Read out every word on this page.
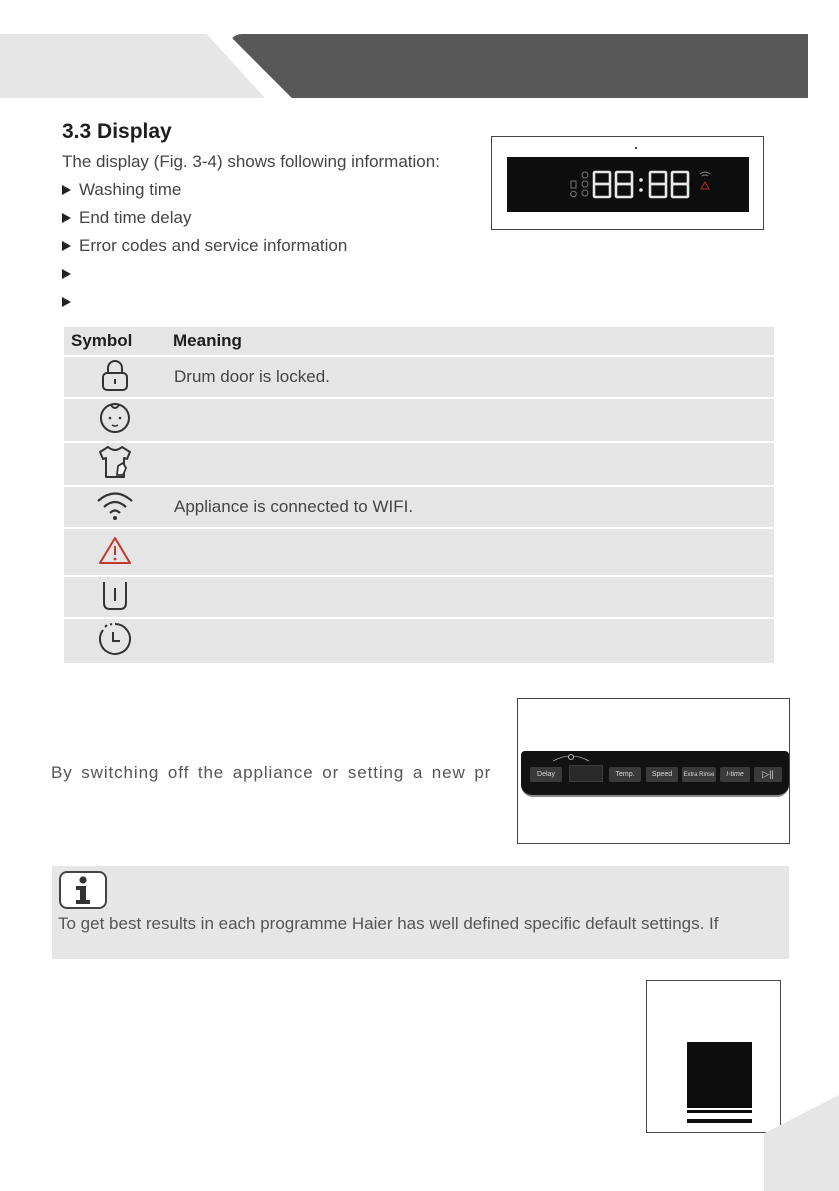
3.3 Display

The display (Fig. 3-4) shows following information:

Washing time
End time delay
Error codes and service information
Symbol	Meaning
	Drum door is locked.

	Appliance is connected to WIFI.

Delay	Temp.	Speed	Extra Rinse	I-time	▷||

By switching off the appliance or setting a new pr

To get best results in each programme Haier has well defined specific default settings. If
